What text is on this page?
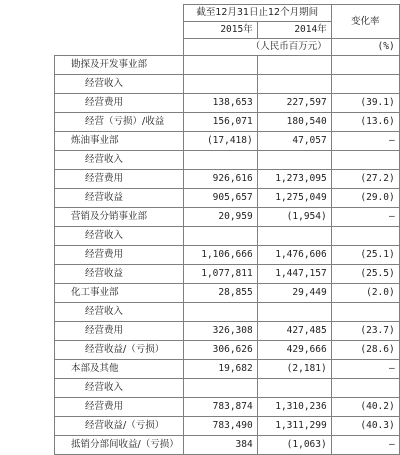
	截至12月31日止12个月期间		变化率
	2015年	2014年	
	（人民币百万元）		(%)
勘探及开发事业部			
经营收入			
经营费用	138,653	227,597	(39.1)
经营（亏损）/收益	156,071	180,540	(13.6)
炼油事业部	(17,418)	47,057	–
经营收入			
经营费用	926,616	1,273,095	(27.2)
经营收益	905,657	1,275,049	(29.0)
营销及分销事业部	20,959	(1,954)	–
经营收入			
经营费用	1,106,666	1,476,606	(25.1)
经营收益	1,077,811	1,447,157	(25.5)
化工事业部	28,855	29,449	(2.0)
经营收入			
经营费用	326,308	427,485	(23.7)
经营收益/（亏损）	306,626	429,666	(28.6)
本部及其他	19,682	(2,181)	–
经营收入			
经营费用	783,874	1,310,236	(40.2)
经营收益/（亏损）	783,490	1,311,299	(40.3)
抵销分部间收益/（亏损）	384	(1,063)	–
